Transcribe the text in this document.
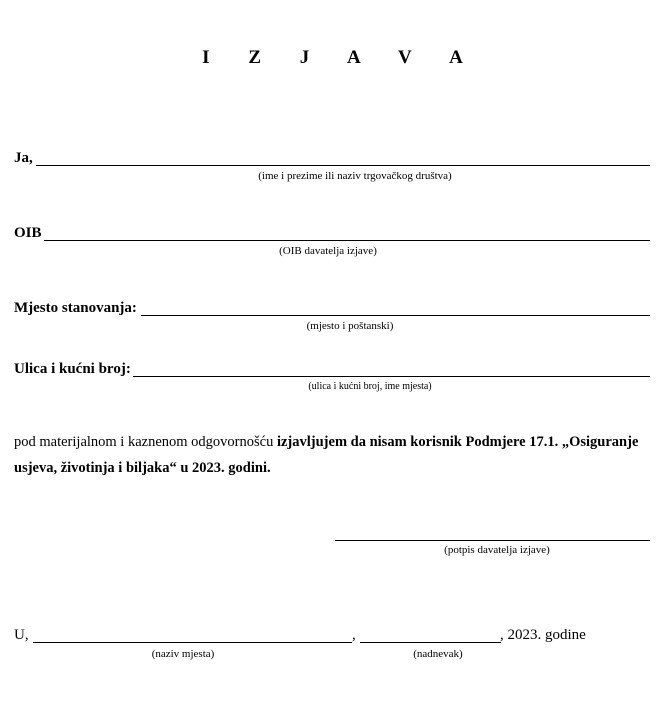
I Z J A V A
Ja,
(ime i prezime ili naziv trgovačkog društva)
OIB
(OIB davatelja izjave)
Mjesto stanovanja:
(mjesto i poštanski)
Ulica i kućni broj:
(ulica i kućni broj, ime mjesta)
pod materijalnom i kaznenom odgovornošću izjavljujem da nisam korisnik Podmjere 17.1. „Osiguranje usjeva, životinja i biljaka“ u 2023. godini.
(potpis davatelja izjave)
U,	,	, 2023. godine
(naziv mjesta)	(nadnevak)
